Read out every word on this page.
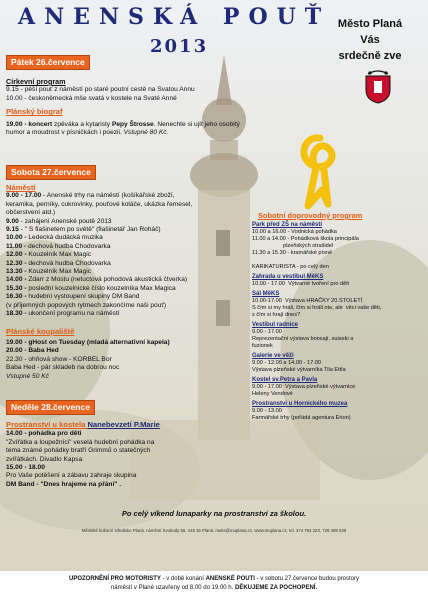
ANENSKÁ POUŤ
2013
Město Planá
Vás
srdečně zve
Pátek 26.července
Církevní program
9.15 - pěší pouť z náměstí po staré poutní cestě na Svatou Annu
10.00 - českoněmecká mše svatá v kostele na Svaté Anně
Plánský biograf
19.00 - koncert zpěváka a kytaristy Pepy Štrosse. Nenechte si ujít jeho osobitý
humor a moudrost v písničkách i poezii. Vstupné 80 Kč.
Sobota 27.července
Náměstí
9.00 - 17.00 - Anenské trhy na náměstí (košíkářské zboží,
keramika, perníky, cukrovinky, pouťové koláče, ukázka řemesel,
občerstvení atd.)
9.00 - zahájení Anenské poutě 2013
9.15 - " S flašinetem po světě" (flašinetář Jan Roháč)
10.00 - Ledecká dudácká muzika
11.00 - dechová hudba Chodovarka
12.00 - Kouzelník Max Magic
12.30 - dechová hudba Chodovarka
13.30 - Kouzelník Max Magic
14.00 - Zdarr z Mostu (netuctová pohodová akustická čtverka)
15.30 - poslední kouzelnické číslo kouzelníka Max Magica
16.30 - hudební vystoupení skupiny DM Band
(v příjemných popových rytmech zakončíme naši pouť)
18.30 - ukončení programu na náměstí
Plánské koupaliště
19.00 - gHost on Tuesday (mladá alternativní kapela)
20.00 - Baba Hed
22.30 - ohňová show - KORBEL Bor
Baba Hed - pár skladeb na dobrou noc
Vstupné 50 Kč
Neděle 28.července
Prostranství u kostela Nanebevzetí P.Marie
14.00 - pohádka pro děti
"Zvířátka a loupežníci" veselá hudební pohádka na
téma známé pohádky bratří Grimmů o statečných
zvířátkách. Divadlo Kapsa
15.00 - 18.00
Pro Vaše potěšení a zábavu zahraje skupina
DM Band - "Dnes hrajeme na přání" .
Sobotní doprovodný program
Park před ZŠ na náměstí
10.00 a 16.00 - Vodnická pohádka
11.00 a 14.00 - Pohádková škola principála
plzeňských strašidel
11.30 a 15.30 - kramářské písně
KARIKATURISTA - po celý den
Zahrada u vestibul MěKS
10.00 - 17.00  Výtvarné tvoření pro děti
Sál MěKS
10.00-17.00  Výstava HRAČKY 20.STOLETÍ
S čím si my hráli, čím si hráli ote, ale  věci vaše děti,
s čím si hrají dnes?
Vestibul radnice
9.00 - 17.00
Reprezentační výstava bonsají, suiseki a
fuzionek
Galerie ve věži
9.00 - 12.00 a 14.00 - 17.00
Výstava plzeňské výtvarníka Tila Ettla
Kostel sv.Petra a Pavla
9.00 - 17.00  Výstava plzeňské výtvarnice
Heleny Vendové
Prostranství u Hornického muzea
9.00 - 13.00
Farmářské trhy (pořádá agentura Erion)
Po celý víkend lunaparky na prostranství za školou.
Městské kulturní středisko Planá, náměstí Svobody 56, 348 15 Planá, meks@muplana.cz, www.muplana.cz, tel. 374 794 223, 728 488 038
UPOZORNĚNÍ PRO MOTORISTY - v době konání ANENSKÉ POUTI - v sobotu 27.července budou prostory
náměstí v Plané uzavřeny od 8.00 do 19.00 h. DĚKUJEME ZA POCHOPENÍ.
